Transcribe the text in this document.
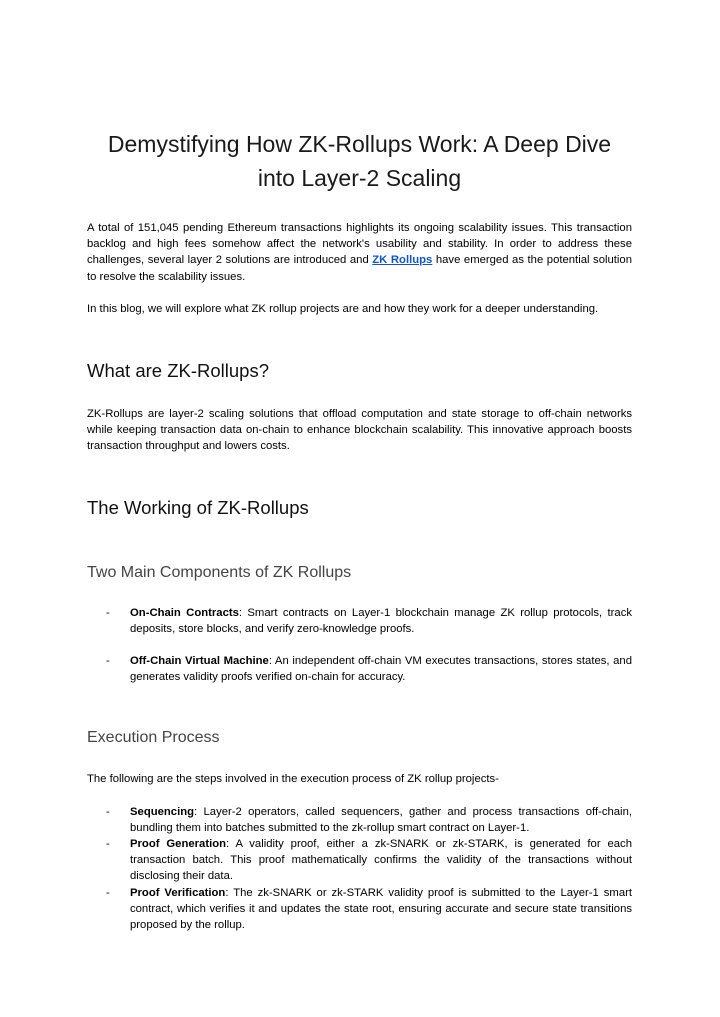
Demystifying How ZK-Rollups Work: A Deep Dive into Layer-2 Scaling

A total of 151,045 pending Ethereum transactions highlights its ongoing scalability issues. This transaction backlog and high fees somehow affect the network's usability and stability. In order to address these challenges, several layer 2 solutions are introduced and ZK Rollups have emerged as the potential solution to resolve the scalability issues.

In this blog, we will explore what ZK rollup projects are and how they work for a deeper understanding.

What are ZK-Rollups?

ZK-Rollups are layer-2 scaling solutions that offload computation and state storage to off-chain networks while keeping transaction data on-chain to enhance blockchain scalability. This innovative approach boosts transaction throughput and lowers costs.

The Working of ZK-Rollups
Two Main Components of ZK Rollups
- On-Chain Contracts: Smart contracts on Layer-1 blockchain manage ZK rollup protocols, track deposits, store blocks, and verify zero-knowledge proofs.
- Off-Chain Virtual Machine: An independent off-chain VM executes transactions, stores states, and generates validity proofs verified on-chain for accuracy.
Execution Process

The following are the steps involved in the execution process of ZK rollup projects-

- Sequencing: Layer-2 operators, called sequencers, gather and process transactions off-chain, bundling them into batches submitted to the zk-rollup smart contract on Layer-1.
- Proof Generation: A validity proof, either a zk-SNARK or zk-STARK, is generated for each transaction batch. This proof mathematically confirms the validity of the transactions without disclosing their data.
- Proof Verification: The zk-SNARK or zk-STARK validity proof is submitted to the Layer-1 smart contract, which verifies it and updates the state root, ensuring accurate and secure state transitions proposed by the rollup.
